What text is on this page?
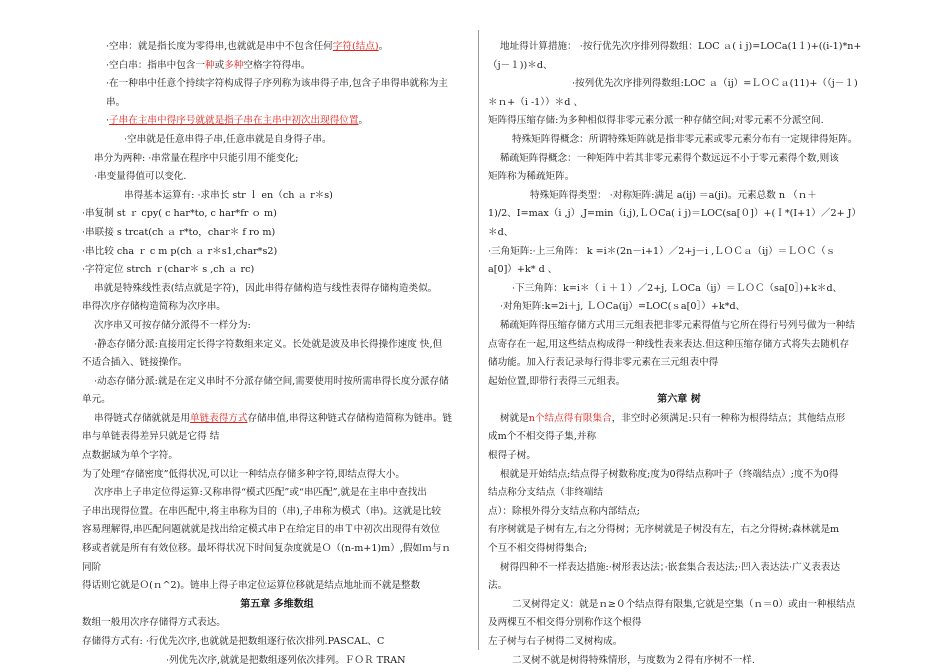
·空串：就是指长度为零得串,也就就是串中不包含任何字符(结点)。
·空白串：指串中包含一种或多种空格字符得串。
·在一种串中任意个持续字符构成得子序列称为该串得子串,包含子串得串就称为主
串。
·子串在主串中得序号就就是指子串在主串中初次出现得位置。
·空串就是任意串得子串,任意串就是自身得子串。
串分为两种: ·串常量在程序中只能引用不能变化;
·串变量得值可以变化.
串得基本运算有: ·求串长 str ｌ en（ch ａ r＊s)
·串复制 st ｒ cpy( c har*to, c har*fr ｏ m)
·串联接 s trcat(ch ａ r*to，char＊ f ro m)
·串比较 cha ｒ c m p(ch ａ r＊s1,char*s2)
·字符定位 strch ｒ(char＊ s ,ch ａ rc)
串就是特殊线性表(结点就是字符)，因此串得存储构造与线性表得存储构造类似。
串得次序存储构造简称为次序串。
次序串又可按存储分派得不一样分为:
·静态存储分派:直接用定长得字符数组来定义。长处就是波及串长得操作速度 快,但
不适合插入、链接操作。
·动态存储分派:就是在定义串时不分派存储空间,需要使用时按所需串得长度分派存储
单元。
串得链式存储就就是用单链表得方式存储串值,串得这种链式存储构造简称为链串。链
串与单链表得差异只就是它得 结
点数据域为单个字符。
为了处理“存储密度”低得状况,可以让一种结点存储多种字符,即结点得大小。
次序串上子串定位得运算:又称串得“模式匹配”或“串匹配”,就是在主串中查找出
子串出现得位置。在串匹配中,将主串称为目的（串),子串称为模式（串)。这就是比较
容易理解得,串匹配问题就就是找出给定模式串Ｐ在给定目的串Ｔ中初次出现得有效位
移或者就是所有有效位移。最坏得状况下时间复杂度就是Ｏ（(n-m+1)m）,假如ｍ与ｎ
同阶
得话则它就是Ｏ(ｎ^2)。链串上得子串定位运算位移就是结点地址而不就是整数
第五章 多维数组
数组一般用次序存储得方式表达。
存储得方式有: ·行优先次序,也就就是把数组逐行依次排列.PASCAL、C
·列优先次序,就就是把数组逐列依次排列。ＦＯＲ TRAN
地址得计算措施： ·按行优先次序排列得数组：LOC ａ(ｉj)=LOCa(1１)+((i-1)*n+
（j－１))＊d、
·按列优先次序排列得数组:LOC ａ（ij）=ＬＯＣａ(11)+（（j－１)
＊ｎ+（i -1））＊d 、
矩阵得压缩存储:为多种相似得非零元素分派一种存储空间;对零元素不分派空间.
特殊矩阵得概念：所谓特殊矩阵就是指非零元素或零元素分布有一定规律得矩阵。
稀疏矩阵得概念：一种矩阵中若其非零元素得个数远远不小于零元素得个数,则该
矩阵称为稀疏矩阵。
特殊矩阵得类型： ·对称矩阵:满足 a(ij) ＝a(ji)。元素总数 n （ｎ＋
1)/2、I=max（i ,j）,J=min（i,j),ＬＯCa(ｉj)＝LOC(sa[０]）+(Ｉ*(I+1）／2+ J）
＊d、
·三角矩阵:·上三角阵： k =i＊(2n－i+1）／2+j－i ,ＬＯＣａ（ij）＝ＬＯＣ（ｓ
a[0]）+k* d 、
·下三角阵：k=i＊（ｉ＋１）／2+j, ＬOCa（ij）＝ＬＯＣ（sa[0］)+k＊d、
·对角矩阵:k=2i＋j, ＬＯCa(ij）=LOC(ｓa[0］）+k*d、
稀疏矩阵得压缩存储方式用三元组表把非零元素得值与它所在得行号列号做为一种结
点寄存在一起,用这些结点构成得一种线性表来表达.但这种压缩存储方式将失去随机存
储功能。加入行表记录每行得非零元素在三元组表中得
起始位置,即带行表得三元组表。
第六章 树
树就是n个结点得有限集合，非空时必须满足:只有一种称为根得结点；其他结点形
成m个不相交得子集,并称
根得子树。
根就是开始结点;结点得子树数称度;度为0得结点称叶子（终端结点）;度不为0得
结点称分支结点（非终端结
点）：除根外得分支结点称内部结点;
有序树就是子树有左,右之分得树；无序树就是子树没有左，右之分得树;森林就是m
个互不相交得树得集合;
树得四种不一样表达措施:·树形表达法；·嵌套集合表达法;·凹入表达法·广义表表达
法。
二叉树得定义：就是ｎ≥０个结点得有限集,它就是空集（ｎ＝0）或由一种根结点
及两棵互不相交得分别称作这个根得
左子树与右子树得二叉树构成。
二叉树不就是树得特殊情形，与度数为２得有序树不一样.
